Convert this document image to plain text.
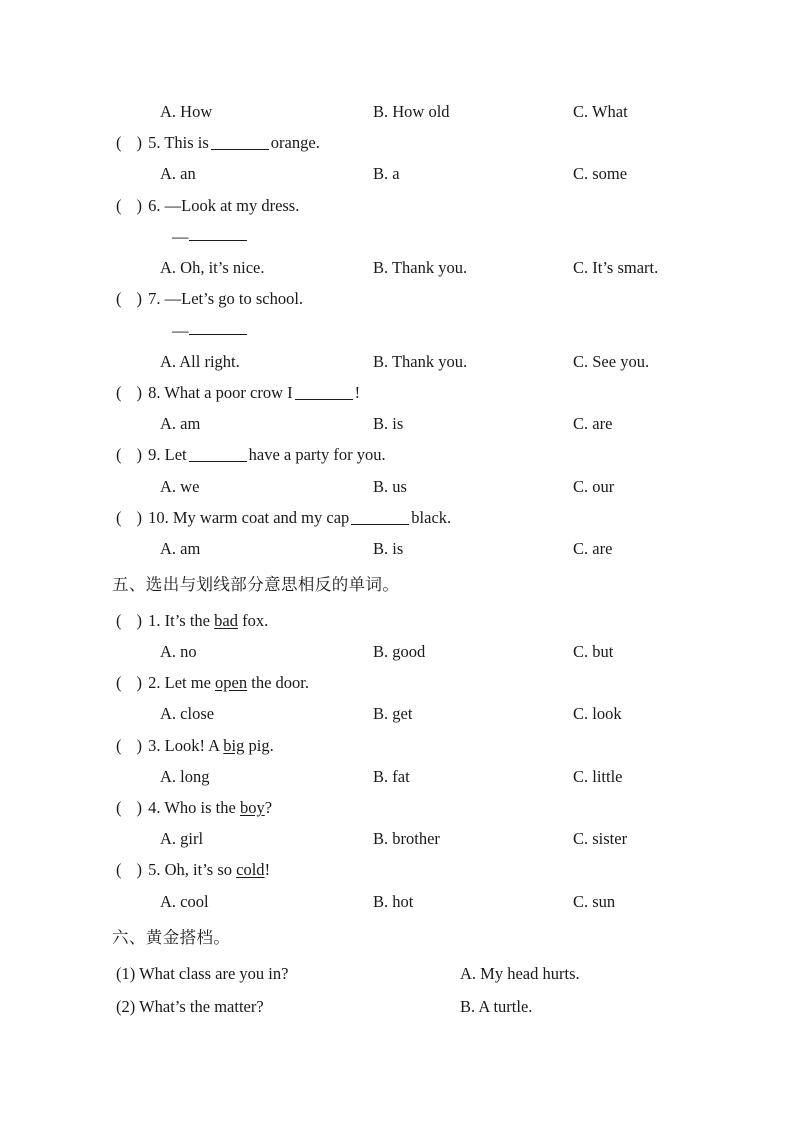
A. How	B. How old	C. What
( ) 5. This is	orange.
A. an	B. a	C. some
( ) 6. —Look at my dress.
—
A. Oh, it’s nice.	B. Thank you.	C. It’s smart.
( ) 7. —Let’s go to school.
—
A. All right.	B. Thank you.	C. See you.
( ) 8. What a poor crow I	!
A. am	B. is	C. are
( ) 9. Let	have a party for you.
A. we	B. us	C. our
( ) 10. My warm coat and my cap	black.
A. am	B. is	C. are
五、选出与划线部分意思相反的单词。
( ) 1. It’s the bad fox.
A. no	B. good	C. but
( ) 2. Let me open the door.
A. close	B. get	C. look
( ) 3. Look! A big pig.
A. long	B. fat	C. little
( ) 4. Who is the boy?
A. girl	B. brother	C. sister
( ) 5. Oh, it’s so cold!
A. cool	B. hot	C. sun
六、黄金搭档。
(1) What class are you in?	A. My head hurts.
(2) What’s the matter?	B. A turtle.
